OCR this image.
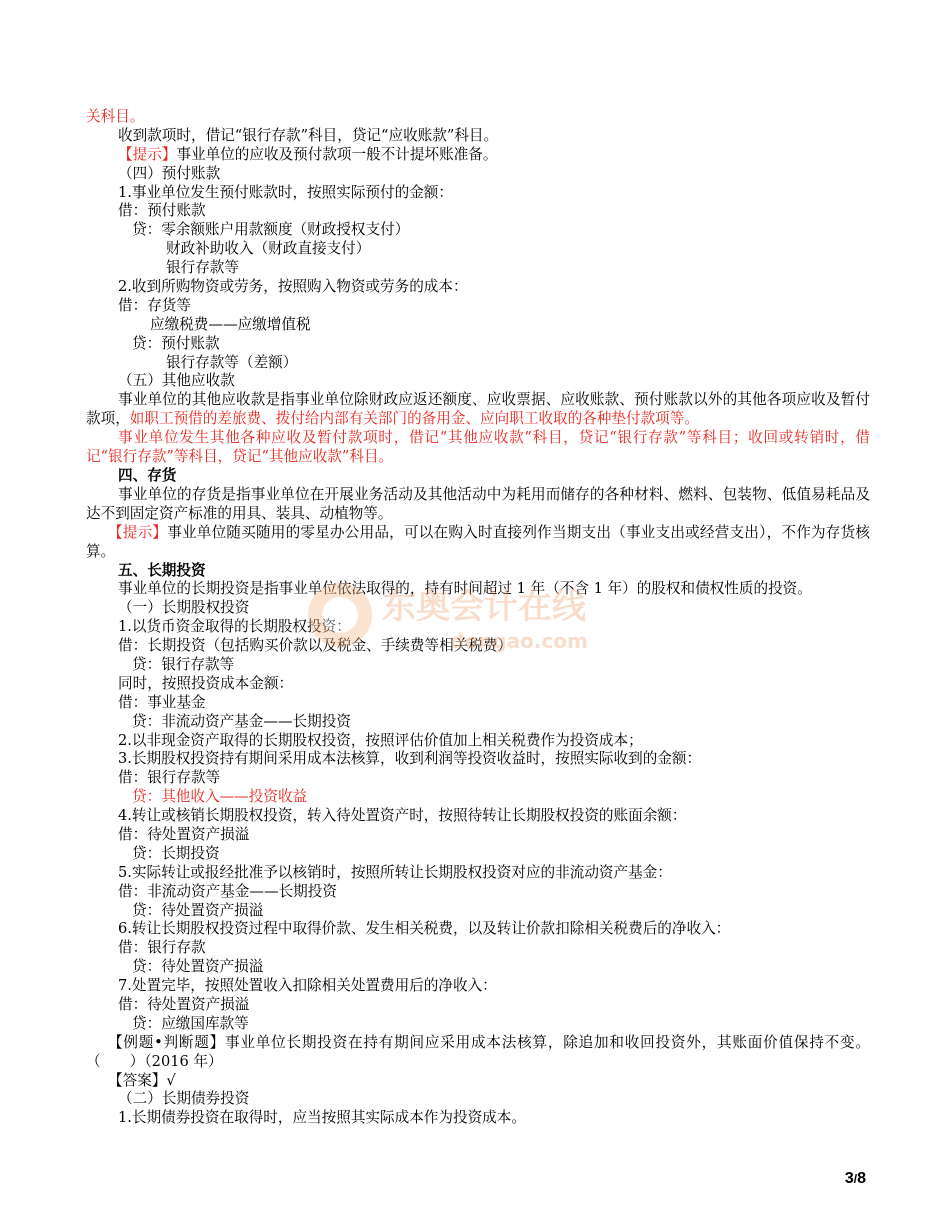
关科目。
收到款项时，借记“银行存款”科目，贷记“应收账款”科目。
【提示】事业单位的应收及预付款项一般不计提坏账准备。
（四）预付账款
1.事业单位发生预付账款时，按照实际预付的金额：
借：预付账款
贷：零余额账户用款额度（财政授权支付）
财政补助收入（财政直接支付）
银行存款等
2.收到所购物资或劳务，按照购入物资或劳务的成本：
借：存货等
应缴税费——应缴增值税
贷：预付账款
银行存款等（差额）
（五）其他应收款
事业单位的其他应收款是指事业单位除财政应返还额度、应收票据、应收账款、预付账款以外的其他各项应收及暂付款项，如职工预借的差旅费、拨付给内部有关部门的备用金、应向职工收取的各种垫付款项等。
事业单位发生其他各种应收及暂付款项时，借记“其他应收款”科目，贷记“银行存款”等科目；收回或转销时，借记“银行存款”等科目，贷记“其他应收款”科目。
四、存货
事业单位的存货是指事业单位在开展业务活动及其他活动中为耗用而储存的各种材料、燃料、包装物、低值易耗品及达不到固定资产标准的用具、装具、动植物等。
【提示】事业单位随买随用的零星办公用品，可以在购入时直接列作当期支出（事业支出或经营支出），不作为存货核算。
五、长期投资
事业单位的长期投资是指事业单位依法取得的，持有时间超过 1 年（不含 1 年）的股权和债权性质的投资。
（一）长期股权投资
1.以货币资金取得的长期股权投资：
借：长期投资（包括购买价款以及税金、手续费等相关税费）
贷：银行存款等
同时，按照投资成本金额：
借：事业基金
贷：非流动资产基金——长期投资
2.以非现金资产取得的长期股权投资，按照评估价值加上相关税费作为投资成本；
3.长期股权投资持有期间采用成本法核算，收到利润等投资收益时，按照实际收到的金额：
借：银行存款等
贷：其他收入——投资收益
4.转让或核销长期股权投资，转入待处置资产时，按照待转让长期股权投资的账面余额：
借：待处置资产损溢
贷：长期投资
5.实际转让或报经批准予以核销时，按照所转让长期股权投资对应的非流动资产基金：
借：非流动资产基金——长期投资
贷：待处置资产损溢
6.转让长期股权投资过程中取得价款、发生相关税费，以及转让价款扣除相关税费后的净收入：
借：银行存款
贷：待处置资产损溢
7.处置完毕，按照处置收入扣除相关处置费用后的净收入：
借：待处置资产损溢
贷：应缴国库款等
【例题•判断题】事业单位长期投资在持有期间应采用成本法核算，除追加和收回投资外，其账面价值保持不变。（　　）（2016 年）
【答案】√
（二）长期债券投资
1.长期债券投资在取得时，应当按照其实际成本作为投资成本。
东奥会计在线
dongao.com
3/8
